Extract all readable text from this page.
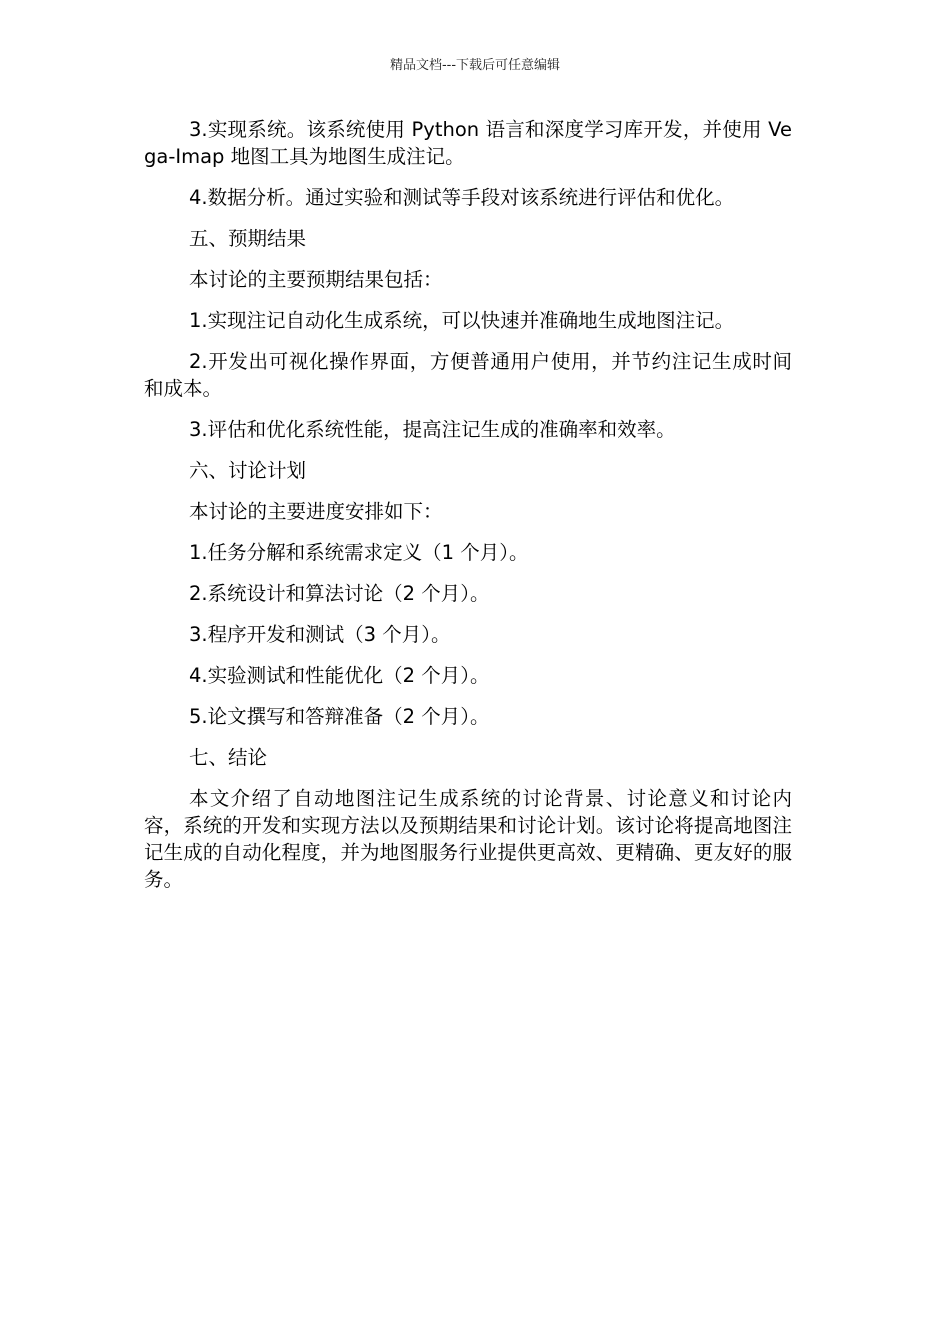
精品文档---下载后可任意编辑

3.实现系统。该系统使用 Python 语言和深度学习库开发，并使用 Vega-Imap 地图工具为地图生成注记。

4.数据分析。通过实验和测试等手段对该系统进行评估和优化。

五、预期结果

本讨论的主要预期结果包括：

1.实现注记自动化生成系统，可以快速并准确地生成地图注记。

2.开发出可视化操作界面，方便普通用户使用，并节约注记生成时间和成本。

3.评估和优化系统性能，提高注记生成的准确率和效率。

六、讨论计划

本讨论的主要进度安排如下：

1.任务分解和系统需求定义（1 个月）。

2.系统设计和算法讨论（2 个月）。

3.程序开发和测试（3 个月）。

4.实验测试和性能优化（2 个月）。

5.论文撰写和答辩准备（2 个月）。

七、结论

本文介绍了自动地图注记生成系统的讨论背景、讨论意义和讨论内容，系统的开发和实现方法以及预期结果和讨论计划。该讨论将提高地图注记生成的自动化程度，并为地图服务行业提供更高效、更精确、更友好的服务。
